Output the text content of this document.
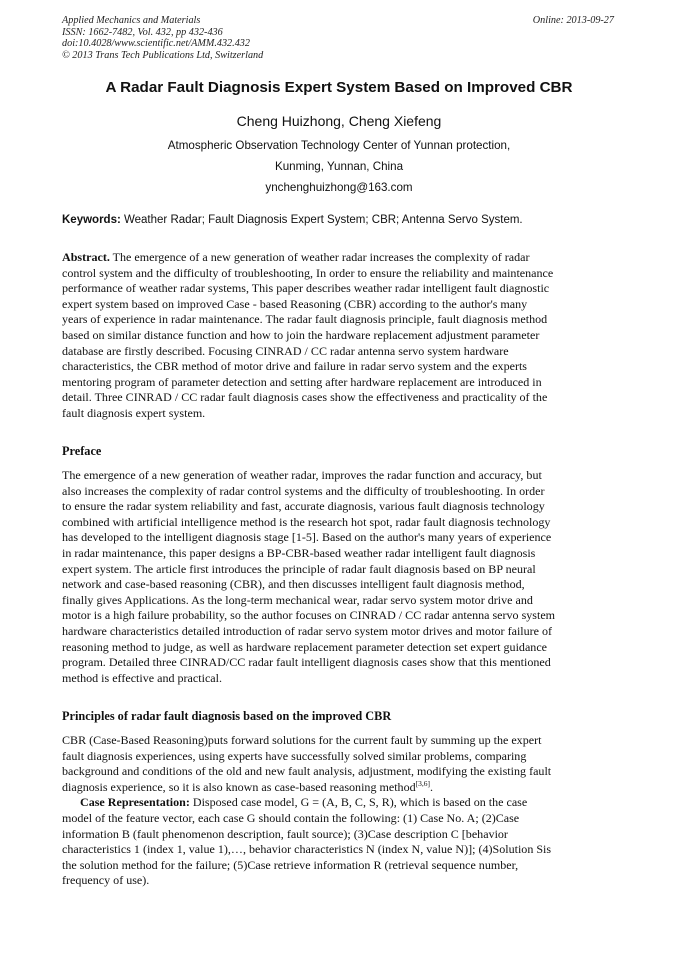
Applied Mechanics and Materials
ISSN: 1662-7482, Vol. 432, pp 432-436
doi:10.4028/www.scientific.net/AMM.432.432
© 2013 Trans Tech Publications Ltd, Switzerland
Online: 2013-09-27
A Radar Fault Diagnosis Expert System Based on Improved CBR
Cheng Huizhong, Cheng Xiefeng
Atmospheric Observation Technology Center of Yunnan protection,
Kunming, Yunnan, China
ynchenghuizhong@163.com
Keywords: Weather Radar; Fault Diagnosis Expert System; CBR; Antenna Servo System.
Abstract. The emergence of a new generation of weather radar increases the complexity of radar
control system and the difficulty of troubleshooting, In order to ensure the reliability and maintenance
performance of weather radar systems, This paper describes weather radar intelligent fault diagnostic
expert system based on improved Case - based Reasoning (CBR) according to the author's many
years of experience in radar maintenance. The radar fault diagnosis principle, fault diagnosis method
based on similar distance function and how to join the hardware replacement adjustment parameter
database are firstly described. Focusing CINRAD / CC radar antenna servo system hardware
characteristics, the CBR method of motor drive and failure in radar servo system and the experts
mentoring program of parameter detection and setting after hardware replacement are introduced in
detail. Three CINRAD / CC radar fault diagnosis cases show the effectiveness and practicality of the
fault diagnosis expert system.
Preface
The emergence of a new generation of weather radar, improves the radar function and accuracy, but
also increases the complexity of radar control systems and the difficulty of troubleshooting. In order
to ensure the radar system reliability and fast, accurate diagnosis, various fault diagnosis technology
combined with artificial intelligence method is the research hot spot, radar fault diagnosis technology
has developed to the intelligent diagnosis stage [1-5]. Based on the author's many years of experience
in radar maintenance, this paper designs a BP-CBR-based weather radar intelligent fault diagnosis
expert system. The article first introduces the principle of radar fault diagnosis based on BP neural
network and case-based reasoning (CBR), and then discusses intelligent fault diagnosis method,
finally gives Applications. As the long-term mechanical wear, radar servo system motor drive and
motor is a high failure probability, so the author focuses on CINRAD / CC radar antenna servo system
hardware characteristics detailed introduction of radar servo system motor drives and motor failure of
reasoning method to judge, as well as hardware replacement parameter detection set expert guidance
program. Detailed three CINRAD/CC radar fault intelligent diagnosis cases show that this mentioned
method is effective and practical.
Principles of radar fault diagnosis based on the improved CBR
CBR (Case-Based Reasoning)puts forward solutions for the current fault by summing up the expert
fault diagnosis experiences, using experts have successfully solved similar problems, comparing
background and conditions of the old and new fault analysis, adjustment, modifying the existing fault
diagnosis experience, so it is also known as case-based reasoning method[3,6].
Case Representation: Disposed case model, G = (A, B, C, S, R), which is based on the case
model of the feature vector, each case G should contain the following: (1) Case No. A; (2)Case
information B (fault phenomenon description, fault source); (3)Case description C [behavior
characteristics 1 (index 1, value 1),…, behavior characteristics N (index N, value N)]; (4)Solution Sis
the solution method for the failure; (5)Case retrieve information R (retrieval sequence number,
frequency of use).
